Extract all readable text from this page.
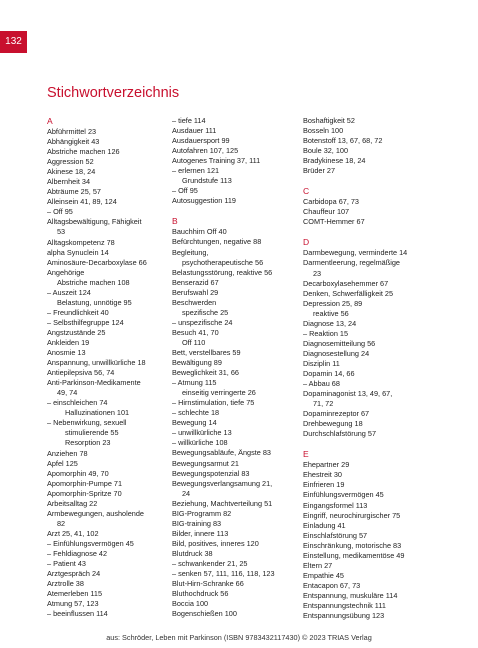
132
Stichwortverzeichnis
A
Abführmittel 23
Abhängigkeit 43
Abstriche machen 126
Aggression 52
Akinese 18, 24
Albernheit 34
Abträume 25, 57
Alleinsein 41, 89, 124
– Off 95
Alltagsbewältigung, Fähigkeit
53
Alltagskompetenz 78
alpha Synuclein 14
Aminosäure-Decarboxylase 66
Angehörige
Abstriche machen 108
– Auszeit 124
Belastung, unnötige 95
– Freundlichkeit 40
– Selbsthilfegruppe 124
Angstzustände 25
Ankleiden 19
Anosmie 13
Anspannung, unwillkürliche 18
Antiepilepsiva 56, 74
Anti-Parkinson-Medikamente
49, 74
– einschleichen 74
Halluzinationen 101
– Nebenwirkung, sexuell
stimulierende 55
Resorption 23
Anziehen 78
Apfel 125
Apomorphin 49, 70
Apomorphin-Pumpe 71
Apomorphin-Spritze 70
Arbeitsalltag 22
Armbewegungen, ausholende
82
Arzt 25, 41, 102
– Einfühlungsvermögen 45
– Fehldiagnose 42
– Patient 43
Arztgespräch 24
Arztrolle 38
Atemerleben 115
Atmung 57, 123
– beeinflussen 114
– tiefe 114
Ausdauer 111
Ausdauersport 99
Autofahren 107, 125
Autogenes Training 37, 111
– erlernen 121
Grundstufe 113
– Off 95
Autosuggestion 119
B
Bauchhirn Off 40
Befürchtungen, negative 88
Begleitung,
psychotherapeutische 56
Belastungsstörung, reaktive 56
Benserazid 67
Berufswahl 29
Beschwerden
spezifische 25
– unspezifische 24
Besuch 41, 70
Off 110
Bett, verstellbares 59
Bewältigung 89
Beweglichkeit 31, 66
– Atmung 115
einseitig verringerte 26
– Hirnstimulation, tiefe 75
– schlechte 18
Bewegung 14
– unwillkürliche 13
– willkürliche 108
Bewegungsabläufe, Ängste 83
Bewegungsarmut 21
Bewegungspotenzial 83
Bewegungsverlangsamung 21,
24
Beziehung, Machtverteilung 51
BIG-Programm 82
BIG-training 83
Bilder, innere 113
Bild, positives, inneres 120
Blutdruck 38
– schwankender 21, 25
– senken 57, 111, 116, 118, 123
Blut-Hirn-Schranke 66
Bluthochdruck 56
Boccia 100
Bogenschießen 100
Boshaftigkeit 52
Bosseln 100
Botenstoff 13, 67, 68, 72
Boule 32, 100
Bradykinese 18, 24
Brüder 27
C
Carbidopa 67, 73
Chauffeur 107
COMT-Hemmer 67
D
Darmbewegung, verminderte 14
Darmentleerung, regelmäßige
23
Decarboxylasehemmer 67
Denken, Schwerfälligkeit 25
Depression 25, 89
reaktive 56
Diagnose 13, 24
– Reaktion 15
Diagnosemitteilung 56
Diagnosestellung 24
Disziplin 11
Dopamin 14, 66
– Abbau 68
Dopaminagonist 13, 49, 67,
71, 72
Dopaminrezeptor 67
Drehbewegung 18
Durchschlafstörung 57
E
Ehepartner 29
Ehestreit 30
Einfrieren 19
Einfühlungsvermögen 45
Eingangsformel 113
Eingriff, neurochirurgischer 75
Einladung 41
Einschlafstörung 57
Einschränkung, motorische 83
Einstellung, medikamentöse 49
Eltern 27
Empathie 45
Entacapon 67, 73
Entspannung, muskuläre 114
Entspannungstechnik 111
Entspannungsübung 123
aus: Schröder, Leben mit Parkinson (ISBN 9783432117430) © 2023 TRIAS Verlag
